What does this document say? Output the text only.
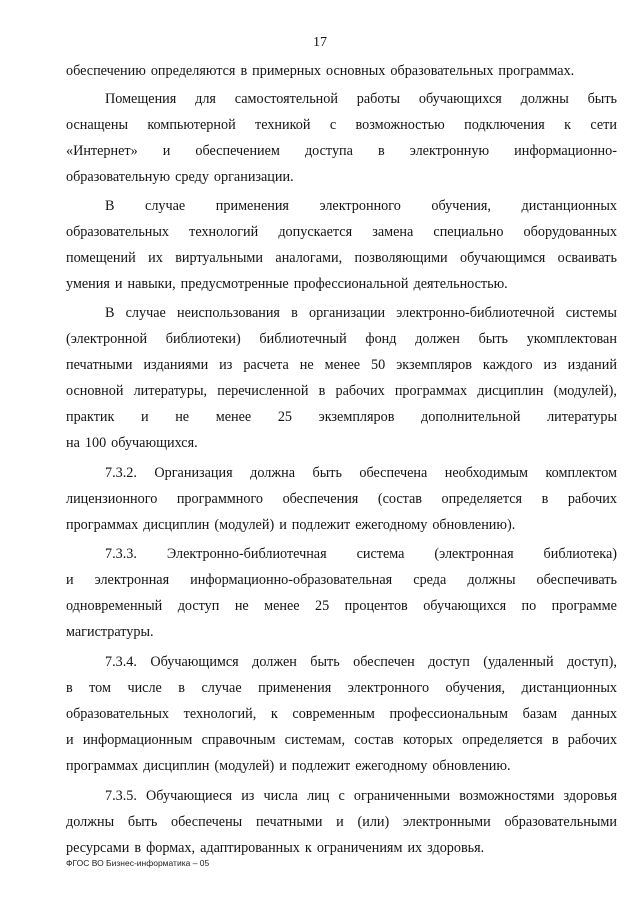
17
обеспечению определяются в примерных основных образовательных программах.
Помещения для самостоятельной работы обучающихся должны быть
оснащены компьютерной техникой с возможностью подключения к сети
«Интернет» и обеспечением доступа в электронную информационно-
образовательную среду организации.
В случае применения электронного обучения, дистанционных
образовательных технологий допускается замена специально оборудованных
помещений их виртуальными аналогами, позволяющими обучающимся осваивать
умения и навыки, предусмотренные профессиональной деятельностью.
В случае неиспользования в организации электронно-библиотечной системы
(электронной библиотеки) библиотечный фонд должен быть укомплектован
печатными изданиями из расчета не менее 50 экземпляров каждого из изданий
основной литературы, перечисленной в рабочих программах дисциплин (модулей),
практик и не менее 25 экземпляров дополнительной литературы
на 100 обучающихся.
7.3.2. Организация должна быть обеспечена необходимым комплектом
лицензионного программного обеспечения (состав определяется в рабочих
программах дисциплин (модулей) и подлежит ежегодному обновлению).
7.3.3. Электронно-библиотечная система (электронная библиотека)
и электронная информационно-образовательная среда должны обеспечивать
одновременный доступ не менее 25 процентов обучающихся по программе
магистратуры.
7.3.4. Обучающимся должен быть обеспечен доступ (удаленный доступ),
в том числе в случае применения электронного обучения, дистанционных
образовательных технологий, к современным профессиональным базам данных
и информационным справочным системам, состав которых определяется в рабочих
программах дисциплин (модулей) и подлежит ежегодному обновлению.
7.3.5. Обучающиеся из числа лиц с ограниченными возможностями здоровья
должны быть обеспечены печатными и (или) электронными образовательными
ресурсами в формах, адаптированных к ограничениям их здоровья.
ФГОС ВО Бизнес-информатика – 05
